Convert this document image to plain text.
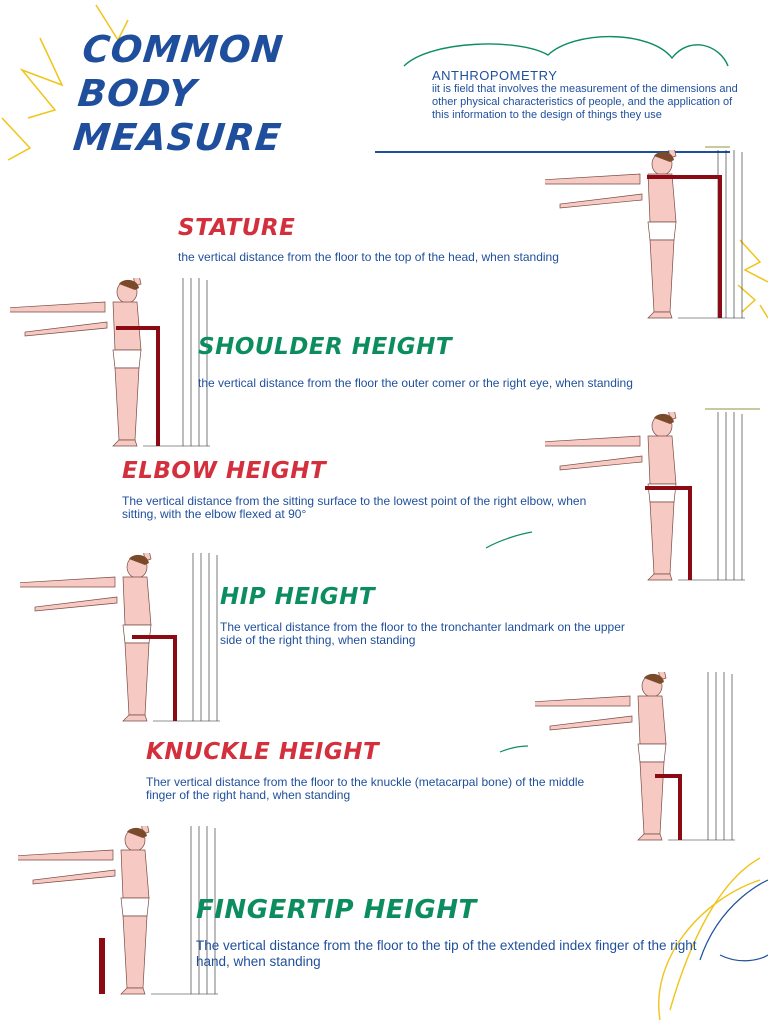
COMMON
BODY
MEASURE
ANTHROPOMETRY
iit is field that involves the measurement of the dimensions and other physical characteristics of people, and the application of this information to the design of things they use
STATURE
the vertical distance from the floor to the top of the head, when standing
SHOULDER HEIGHT
the vertical distance from the floor the outer comer or the right eye, when standing
ELBOW HEIGHT
The vertical distance from the sitting surface to the lowest point of the right elbow, when sitting, with the elbow flexed at 90°
HIP HEIGHT
The vertical distance from the floor to the tronchanter landmark on the upper side of the right thing, when standing
KNUCKLE HEIGHT
Ther vertical distance from the floor to the knuckle (metacarpal bone) of the middle finger of the right hand, when standing
FINGERTIP HEIGHT
The vertical distance from the floor to the tip of the extended index finger of the right hand, when standing
